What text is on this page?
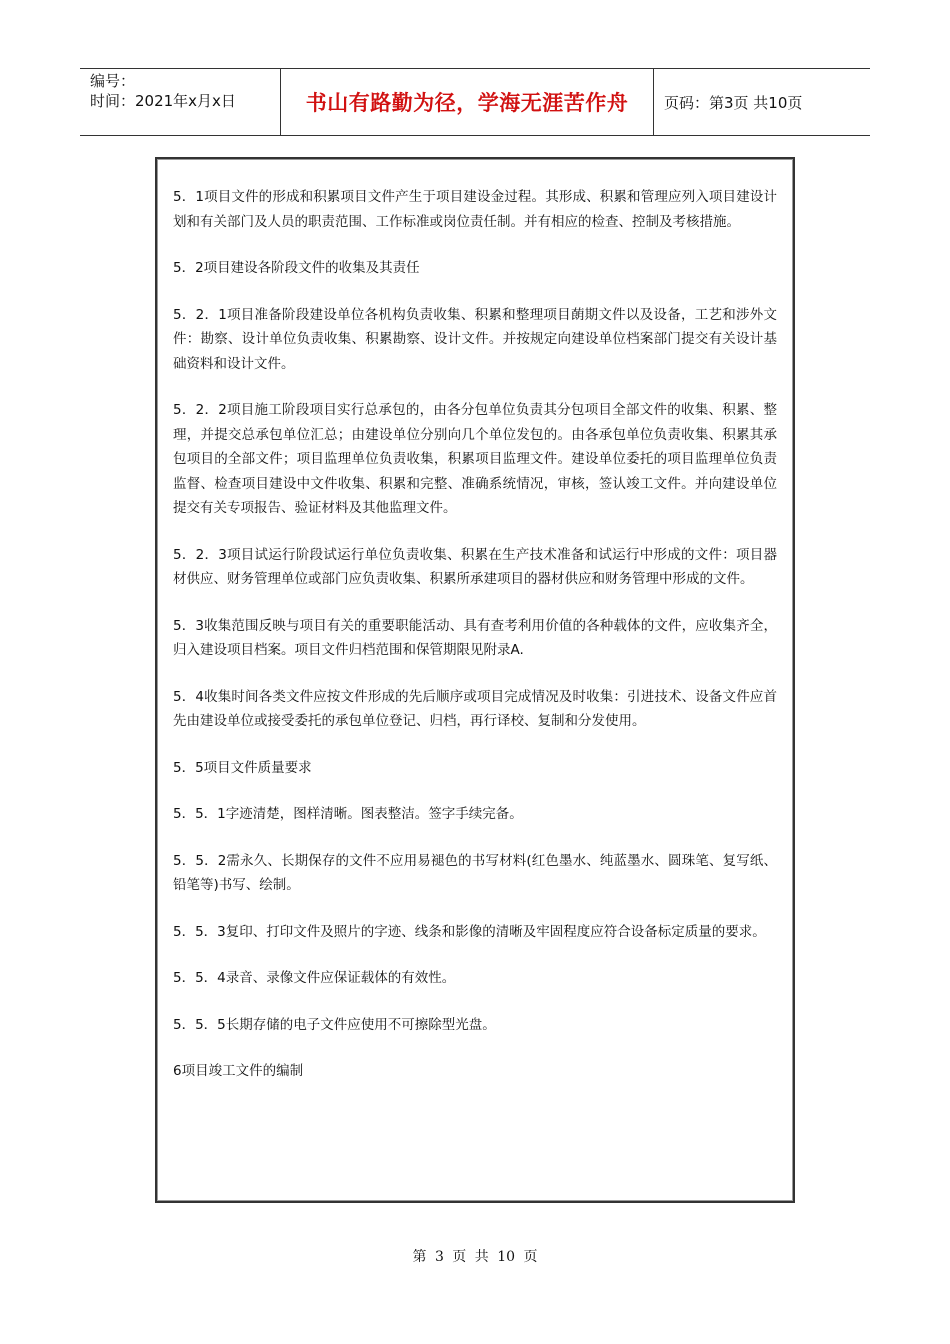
编号：
时间：2021年x月x日	书山有路勤为径，学海无涯苦作舟	页码：第3页 共10页

5．1项目文件的形成和积累项目文件产生于项目建设金过程。其形成、积累和管理应列入项目建设计划和有关部门及人员的职责范围、工作标准或岗位责任制。并有相应的检查、控制及考核措施。

5．2项目建设各阶段文件的收集及其责任

5．2．1项目准备阶段建设单位各机构负责收集、积累和整理项目蓢期文件以及设备，工艺和涉外文件：勘察、设计单位负责收集、积累勘察、设计文件。并按规定向建设单位档案部门提交有关设计基础资料和设计文件。

5．2．2项目施工阶段项目实行总承包的，由各分包单位负责其分包项目全部文件的收集、积累、整理，并提交总承包单位汇总；由建设单位分别向几个单位发包的。由各承包单位负责收集、积累其承包项目的全部文件；项目监理单位负责收集，积累项目监理文件。建设单位委托的项目监理单位负责监督、检查项目建设中文件收集、积累和完整、准确系统情况，审核，签认竣工文件。并向建设单位提交有关专项报告、验证材料及其他监理文件。

5．2．3项目试运行阶段试运行单位负责收集、积累在生产技术准备和试运行中形成的文件：项目器材供应、财务管理单位或部门应负责收集、积累所承建项目的器材供应和财务管理中形成的文件。

5．3收集范围反映与项目有关的重要职能活动、具有查考利用价值的各种载体的文件，应收集齐全，归入建设项目档案。项目文件归档范围和保管期限见附录A.

5．4收集时间各类文件应按文件形成的先后顺序或项目完成情况及时收集：引进技术、设备文件应首先由建设单位或接受委托的承包单位登记、归档，再行译校、复制和分发使用。

5．5项目文件质量要求

5．5．1字迹清楚，图样清晰。图表整洁。签字手续完备。

5．5．2需永久、长期保存的文件不应用易褪色的书写材料(红色墨水、纯蓝墨水、圆珠笔、复写纸、铅笔等)书写、绘制。

5．5．3复印、打印文件及照片的字迹、线条和影像的清晰及牢固程度应符合设备标定质量的要求。

5．5．4录音、录像文件应保证载体的有效性。

5．5．5长期存储的电子文件应使用不可擦除型光盘。

6项目竣工文件的编制

第 3 页 共 10 页
